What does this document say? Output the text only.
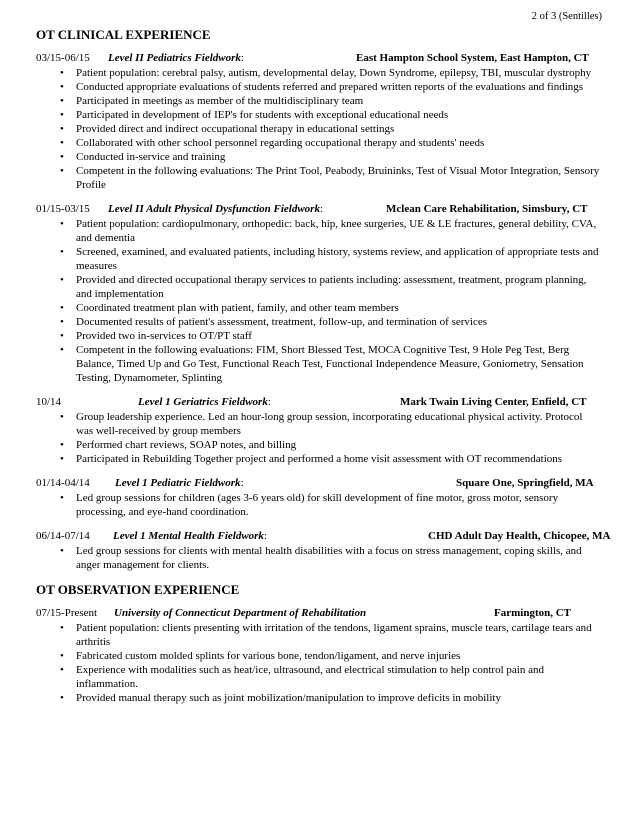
2 of 3 (Sentilles)
OT CLINICAL EXPERIENCE
03/15-06/15 Level II Pediatrics Fieldwork:	East Hampton School System, East Hampton, CT
• Patient population: cerebral palsy, autism, developmental delay, Down Syndrome, epilepsy, TBI, muscular dystrophy
• Conducted appropriate evaluations of students referred and prepared written reports of the evaluations and findings
• Participated in meetings as member of the multidisciplinary team
• Participated in development of IEP's for students with exceptional educational needs
• Provided direct and indirect occupational therapy in educational settings
• Collaborated with other school personnel regarding occupational therapy and students' needs
• Conducted in-service and training
• Competent in the following evaluations: The Print Tool, Peabody, Bruininks, Test of Visual Motor Integration, Sensory Profile
01/15-03/15 Level II Adult Physical Dysfunction Fieldwork:	Mclean Care Rehabilitation, Simsbury, CT
• Patient population: cardiopulmonary, orthopedic: back, hip, knee surgeries, UE & LE fractures, general debility, CVA, and dementia
• Screened, examined, and evaluated patients, including history, systems review, and application of appropriate tests and measures
• Provided and directed occupational therapy services to patients including: assessment, treatment, program planning, and implementation
• Coordinated treatment plan with patient, family, and other team members
• Documented results of patient's assessment, treatment, follow-up, and termination of services
• Provided two in-services to OT/PT staff
• Competent in the following evaluations: FIM, Short Blessed Test, MOCA Cognitive Test, 9 Hole Peg Test, Berg Balance, Timed Up and Go Test, Functional Reach Test, Functional Independence Measure, Goniometry, Sensation Testing, Dynamometer, Splinting
10/14	Level 1 Geriatrics Fieldwork:	Mark Twain Living Center, Enfield, CT
• Group leadership experience. Led an hour-long group session, incorporating educational physical activity. Protocol was well-received by group members
• Performed chart reviews, SOAP notes, and billing
• Participated in Rebuilding Together project and performed a home visit assessment with OT recommendations
01/14-04/14 Level 1 Pediatric Fieldwork:	Square One, Springfield, MA
• Led group sessions for children (ages 3-6 years old) for skill development of fine motor, gross motor, sensory processing, and eye-hand coordination.
06/14-07/14 Level 1 Mental Health Fieldwork:	CHD Adult Day Health, Chicopee, MA
• Led group sessions for clients with mental health disabilities with a focus on stress management, coping skills, and anger management for clients.
OT OBSERVATION EXPERIENCE
07/15-Present University of Connecticut Department of Rehabilitation	Farmington, CT
• Patient population: clients presenting with irritation of the tendons, ligament sprains, muscle tears, cartilage tears and arthritis
• Fabricated custom molded splints for various bone, tendon/ligament, and nerve injuries
• Experience with modalities such as heat/ice, ultrasound, and electrical stimulation to help control pain and inflammation.
• Provided manual therapy such as joint mobilization/manipulation to improve deficits in mobility
